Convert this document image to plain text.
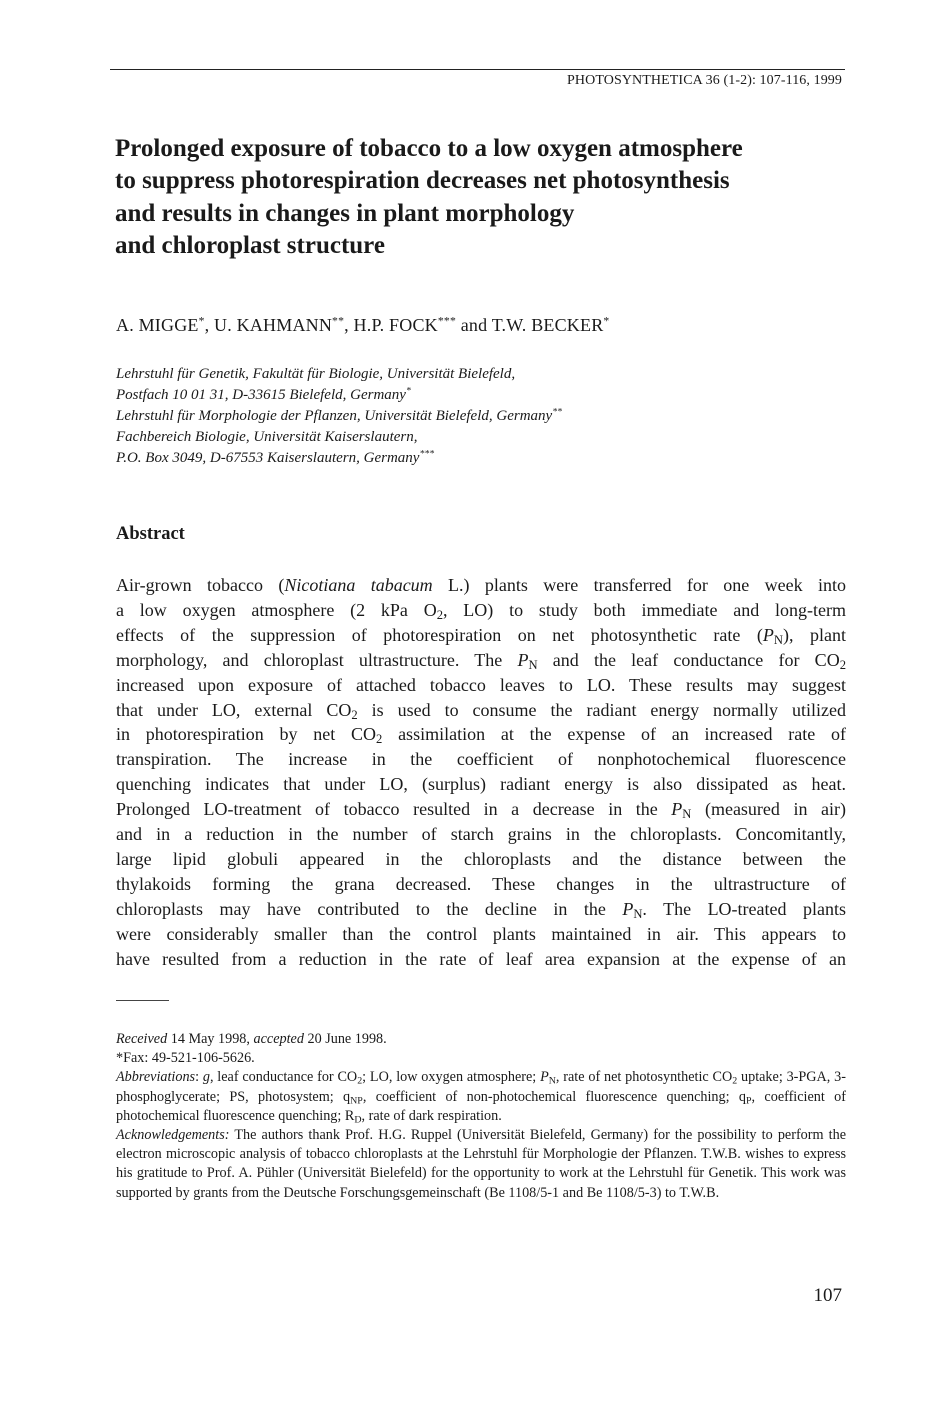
PHOTOSYNTHETICA 36 (1-2): 107-116, 1999
Prolonged exposure of tobacco to a low oxygen atmosphere
to suppress photorespiration decreases net photosynthesis
and results in changes in plant morphology
and chloroplast structure
A. MIGGE*, U. KAHMANN**, H.P. FOCK*** and T.W. BECKER*
Lehrstuhl für Genetik, Fakultät für Biologie, Universität Bielefeld,
Postfach 10 01 31, D-33615 Bielefeld, Germany*
Lehrstuhl für Morphologie der Pflanzen, Universität Bielefeld, Germany**
Fachbereich Biologie, Universität Kaiserslautern,
P.O. Box 3049, D-67553 Kaiserslautern, Germany***
Abstract
Air-grown tobacco (Nicotiana tabacum L.) plants were transferred for one week into
a low oxygen atmosphere (2 kPa $O_2$, LO) to study both immediate and long-term
effects of the suppression of photorespiration on net photosynthetic rate $(P_N)$, plant
morphology, and chloroplast ultrastructure. The $P_N$ and the leaf conductance for $CO_2$
increased upon exposure of attached tobacco leaves to LO. These results may suggest
that under LO, external $CO_2$ is used to consume the radiant energy normally utilized
in photorespiration by net $CO_2$ assimilation at the expense of an increased rate of
transpiration. The increase in the coefficient of nonphotochemical fluorescence
quenching indicates that under LO, (surplus) radiant energy is also dissipated as heat.
Prolonged LO-treatment of tobacco resulted in a decrease in the $P_N$ (measured in air)
and in a reduction in the number of starch grains in the chloroplasts. Concomitantly,
large lipid globuli appeared in the chloroplasts and the distance between the
thylakoids forming the grana decreased. These changes in the ultrastructure of
chloroplasts may have contributed to the decline in the $P_N$. The LO-treated plants
were considerably smaller than the control plants maintained in air. This appears to
have resulted from a reduction in the rate of leaf area expansion at the expense of an
Received 14 May 1998, accepted 20 June 1998.
*Fax: 49-521-106-5626.
Abbreviations: g, leaf conductance for $CO_2$; LO, low oxygen atmosphere; $P_N$, rate of net photosynthetic $CO_2$ uptake; 3-PGA, 3-phosphoglycerate; PS, photosystem; $q_{NP}$, coefficient of non-photochemical fluorescence quenching; $q_P$, coefficient of photochemical fluorescence quenching; $R_D$, rate of dark respiration.
Acknowledgements: The authors thank Prof. H.G. Ruppel (Universität Bielefeld, Germany) for the possibility to perform the electron microscopic analysis of tobacco chloroplasts at the Lehrstuhl für Morphologie der Pflanzen. T.W.B. wishes to express his gratitude to Prof. A. Pühler (Universität Bielefeld) for the opportunity to work at the Lehrstuhl für Genetik. This work was supported by grants from the Deutsche Forschungsgemeinschaft (Be 1108/5-1 and Be 1108/5-3) to T.W.B.
107
